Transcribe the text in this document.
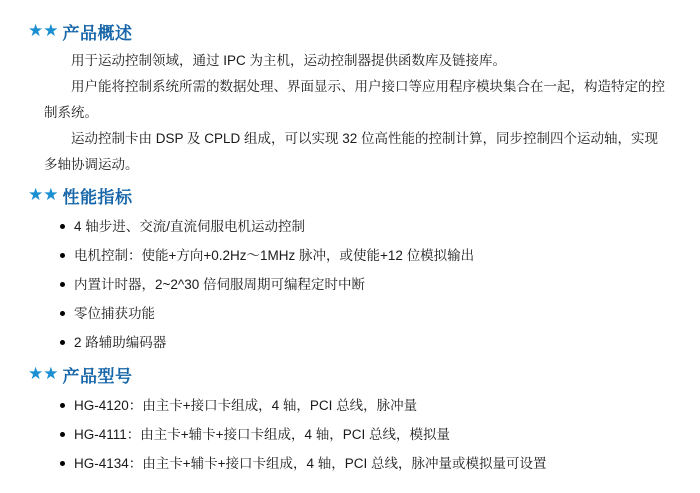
★★ 产品概述

用于运动控制领域，通过 IPC 为主机，运动控制器提供函数库及链接库。

用户能将控制系统所需的数据处理、界面显示、用户接口等应用程序模块集合在一起，构造特定的控制系统。

运动控制卡由 DSP 及 CPLD 组成，可以实现 32 位高性能的控制计算，同步控制四个运动轴，实现多轴协调运动。

★★ 性能指标
4 轴步进、交流/直流伺服电机运动控制
电机控制：使能+方向+0.2Hz～1MHz 脉冲，或使能+12 位模拟输出
内置计时器，2~2^30 倍伺服周期可编程定时中断
零位捕获功能
2 路辅助编码器
★★ 产品型号
HG-4120：由主卡+接口卡组成，4 轴，PCI 总线，脉冲量
HG-4111：由主卡+辅卡+接口卡组成，4 轴，PCI 总线，模拟量
HG-4134：由主卡+辅卡+接口卡组成，4 轴，PCI 总线，脉冲量或模拟量可设置
